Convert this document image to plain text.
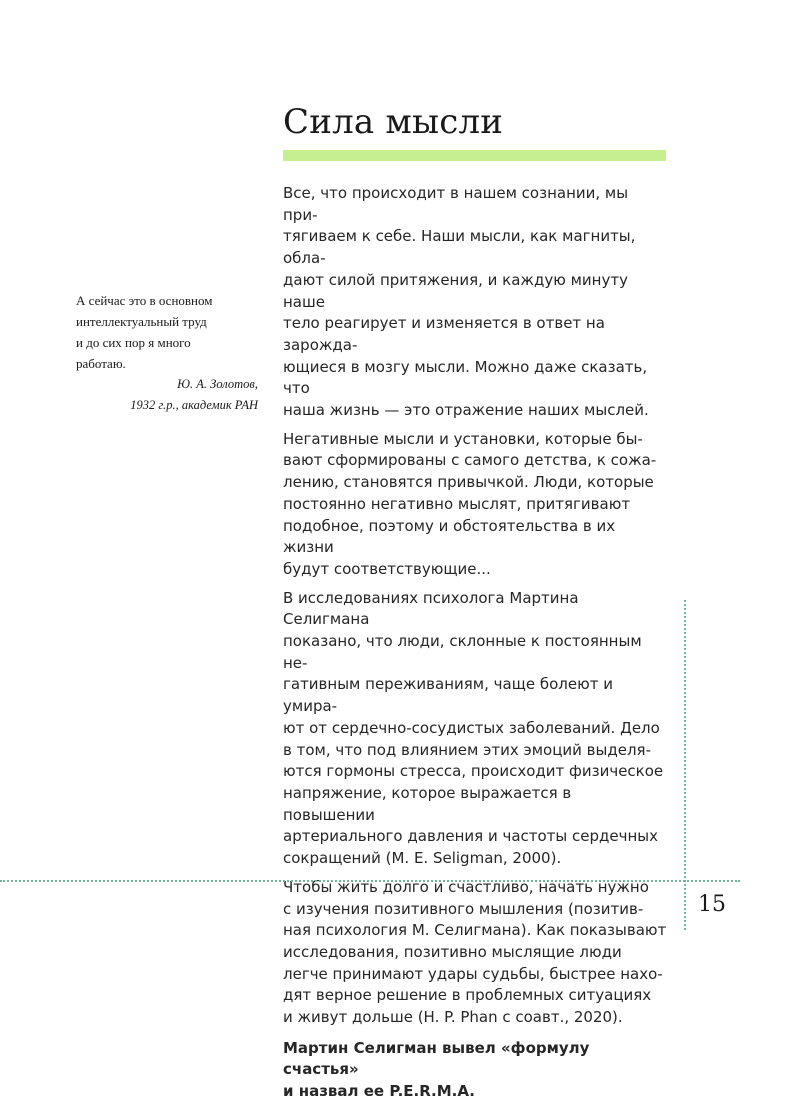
Сила мысли

А сейчас это в основном
интеллектуальный труд
и до сих пор я много
работаю.

Ю. А. Золотов,
1932 г.р., академик РАН

Все, что происходит в нашем сознании, мы при-
тягиваем к себе. Наши мысли, как магниты, обла-
дают силой притяжения, и каждую минуту наше
тело реагирует и изменяется в ответ на зарожда-
ющиеся в мозгу мысли. Можно даже сказать, что
наша жизнь — это отражение наших мыслей.

Негативные мысли и установки, которые бы-
вают сформированы с самого детства, к сожа-
лению, становятся привычкой. Люди, которые
постоянно негативно мыслят, притягивают
подобное, поэтому и обстоятельства в их жизни
будут соответствующие...

В исследованиях психолога Мартина Селигмана
показано, что люди, склонные к постоянным не-
гативным переживаниям, чаще болеют и умира-
ют от сердечно-сосудистых заболеваний. Дело
в том, что под влиянием этих эмоций выделя-
ются гормоны стресса, происходит физическое
напряжение, которое выражается в повышении
артериального давления и частоты сердечных
сокращений (M. E. Seligman, 2000).

Чтобы жить долго и счастливо, начать нужно
с изучения позитивного мышления (позитив-
ная психология М. Селигмана). Как показывают
исследования, позитивно мыслящие люди
легче принимают удары судьбы, быстрее нахо-
дят верное решение в проблемных ситуациях
и живут дольше (H. P. Phan с соавт., 2020).

Мартин Селигман вывел «формулу счастья»
и назвал ее P.E.R.M.A.

15
